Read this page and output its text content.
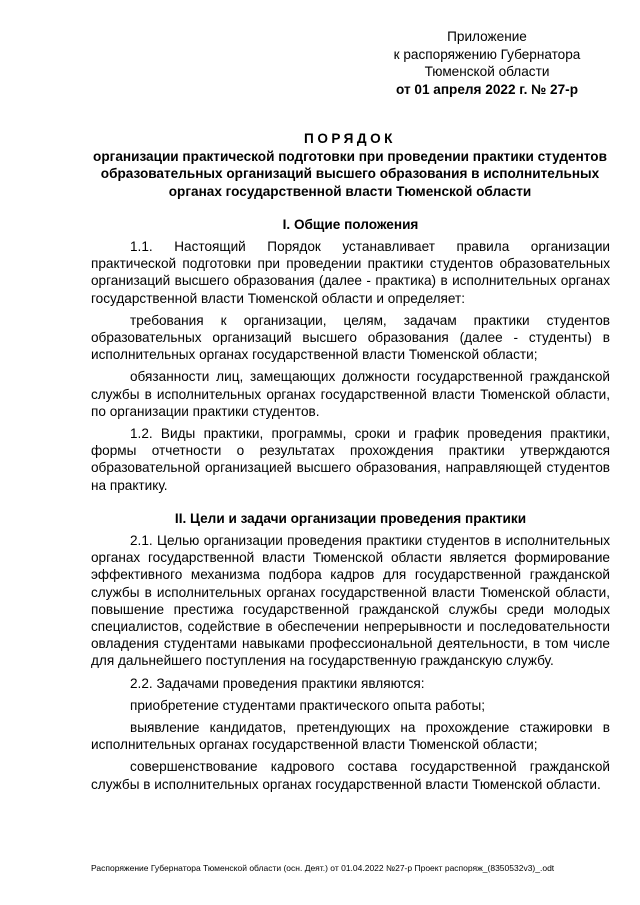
Приложение
к распоряжению Губернатора
Тюменской области
от 01 апреля 2022 г. № 27-р
ПОРЯДОК
организации практической подготовки при проведении практики студентов образовательных организаций высшего образования в исполнительных органах государственной власти Тюменской области
I. Общие положения

1.1. Настоящий Порядок устанавливает правила организации практической подготовки при проведении практики студентов образовательных организаций высшего образования (далее - практика) в исполнительных органах государственной власти Тюменской области и определяет:

требования к организации, целям, задачам практики студентов образовательных организаций высшего образования (далее - студенты) в исполнительных органах государственной власти Тюменской области;

обязанности лиц, замещающих должности государственной гражданской службы в исполнительных органах государственной власти Тюменской области, по организации практики студентов.

1.2. Виды практики, программы, сроки и график проведения практики, формы отчетности о результатах прохождения практики утверждаются образовательной организацией высшего образования, направляющей студентов на практику.

II. Цели и задачи организации проведения практики

2.1. Целью организации проведения практики студентов в исполнительных органах государственной власти Тюменской области является формирование эффективного механизма подбора кадров для государственной гражданской службы в исполнительных органах государственной власти Тюменской области, повышение престижа государственной гражданской службы среди молодых специалистов, содействие в обеспечении непрерывности и последовательности овладения студентами навыками профессиональной деятельности, в том числе для дальнейшего поступления на государственную гражданскую службу.

2.2. Задачами проведения практики являются:

приобретение студентами практического опыта работы;

выявление кандидатов, претендующих на прохождение стажировки в исполнительных органах государственной власти Тюменской области;

совершенствование кадрового состава государственной гражданской службы в исполнительных органах государственной власти Тюменской области.

Распоряжение Губернатора Тюменской области (осн. Деят.) от 01.04.2022 №27-р Проект распоряж_(8350532v3)_.odt
